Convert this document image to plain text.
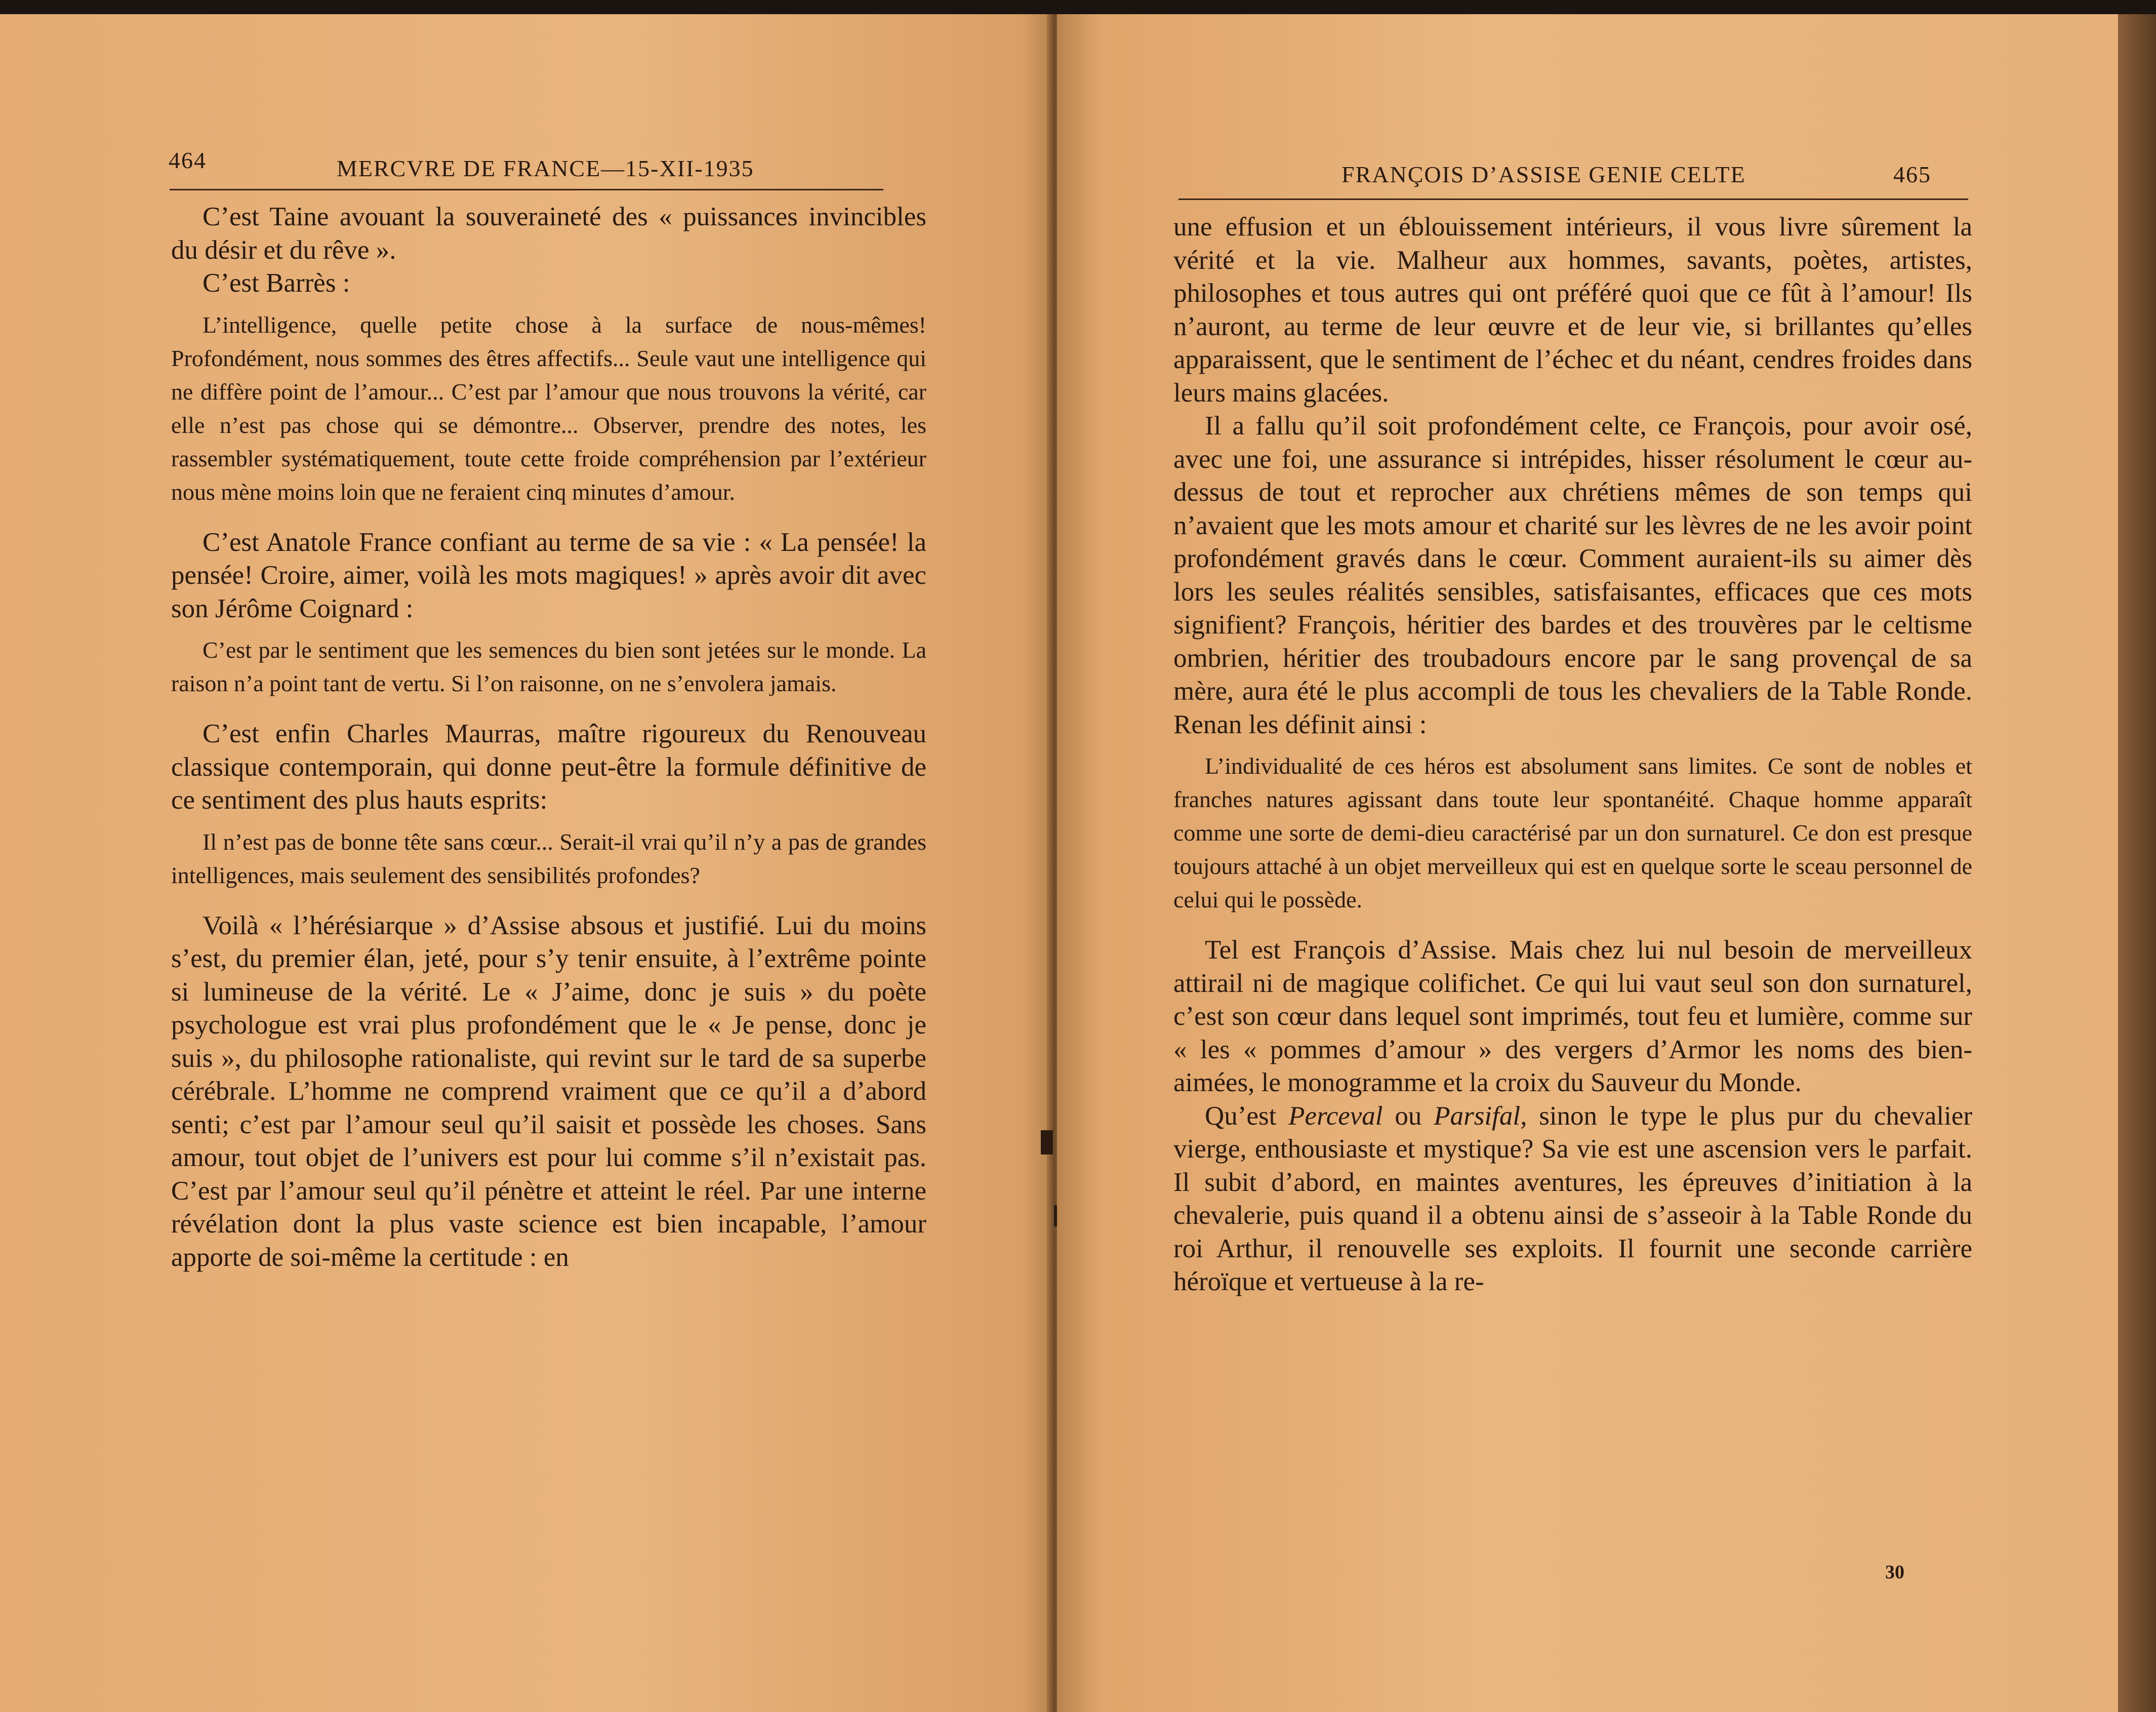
464	MERCVRE DE FRANCE—15-XII-1935

C’est Taine avouant la souveraineté des « puissances invincibles du désir et du rêve ».

C’est Barrès :

L’intelligence, quelle petite chose à la surface de nous-mêmes! Profondément, nous sommes des êtres affectifs... Seule vaut une intelligence qui ne diffère point de l’amour... C’est par l’amour que nous trouvons la vérité, car elle n’est pas chose qui se démontre... Observer, prendre des notes, les rassembler systématiquement, toute cette froide compréhension par l’extérieur nous mène moins loin que ne feraient cinq minutes d’amour.

C’est Anatole France confiant au terme de sa vie : « La pensée! la pensée! Croire, aimer, voilà les mots magiques! » après avoir dit avec son Jérôme Coignard :

C’est par le sentiment que les semences du bien sont jetées sur le monde. La raison n’a point tant de vertu. Si l’on raisonne, on ne s’envolera jamais.

C’est enfin Charles Maurras, maître rigoureux du Renouveau classique contemporain, qui donne peut-être la formule définitive de ce sentiment des plus hauts esprits:

Il n’est pas de bonne tête sans cœur... Serait-il vrai qu’il n’y a pas de grandes intelligences, mais seulement des sensibilités profondes?

Voilà « l’hérésiarque » d’Assise absous et justifié. Lui du moins s’est, du premier élan, jeté, pour s’y tenir ensuite, à l’extrême pointe si lumineuse de la vérité. Le « J’aime, donc je suis » du poète psychologue est vrai plus profondément que le « Je pense, donc je suis », du philosophe rationaliste, qui revint sur le tard de sa superbe cérébrale. L’homme ne comprend vraiment que ce qu’il a d’abord senti; c’est par l’amour seul qu’il saisit et possède les choses. Sans amour, tout objet de l’univers est pour lui comme s’il n’existait pas. C’est par l’amour seul qu’il pénètre et atteint le réel. Par une interne révélation dont la plus vaste science est bien incapable, l’amour apporte de soi-même la certitude : en

FRANÇOIS D’ASSISE GENIE CELTE	465

une effusion et un éblouissement intérieurs, il vous livre sûrement la vérité et la vie. Malheur aux hommes, savants, poètes, artistes, philosophes et tous autres qui ont préféré quoi que ce fût à l’amour! Ils n’auront, au terme de leur œuvre et de leur vie, si brillantes qu’elles apparaissent, que le sentiment de l’échec et du néant, cendres froides dans leurs mains glacées.

Il a fallu qu’il soit profondément celte, ce François, pour avoir osé, avec une foi, une assurance si intrépides, hisser résolument le cœur au-dessus de tout et reprocher aux chrétiens mêmes de son temps qui n’avaient que les mots amour et charité sur les lèvres de ne les avoir point profondément gravés dans le cœur. Comment auraient-ils su aimer dès lors les seules réalités sensibles, satisfaisantes, efficaces que ces mots signifient? François, héritier des bardes et des trouvères par le celtisme ombrien, héritier des troubadours encore par le sang provençal de sa mère, aura été le plus accompli de tous les chevaliers de la Table Ronde. Renan les définit ainsi :

L’individualité de ces héros est absolument sans limites. Ce sont de nobles et franches natures agissant dans toute leur spontanéité. Chaque homme apparaît comme une sorte de demi-dieu caractérisé par un don surnaturel. Ce don est presque toujours attaché à un objet merveilleux qui est en quelque sorte le sceau personnel de celui qui le possède.

Tel est François d’Assise. Mais chez lui nul besoin de merveilleux attirail ni de magique colifichet. Ce qui lui vaut seul son don surnaturel, c’est son cœur dans lequel sont imprimés, tout feu et lumière, comme sur « les « pommes d’amour » des vergers d’Armor les noms des bien-aimées, le monogramme et la croix du Sauveur du Monde.

Qu’est Perceval ou Parsifal, sinon le type le plus pur du chevalier vierge, enthousiaste et mystique? Sa vie est une ascension vers le parfait. Il subit d’abord, en maintes aventures, les épreuves d’initiation à la chevalerie, puis quand il a obtenu ainsi de s’asseoir à la Table Ronde du roi Arthur, il renouvelle ses exploits. Il fournit une seconde carrière héroïque et vertueuse à la re-

30
